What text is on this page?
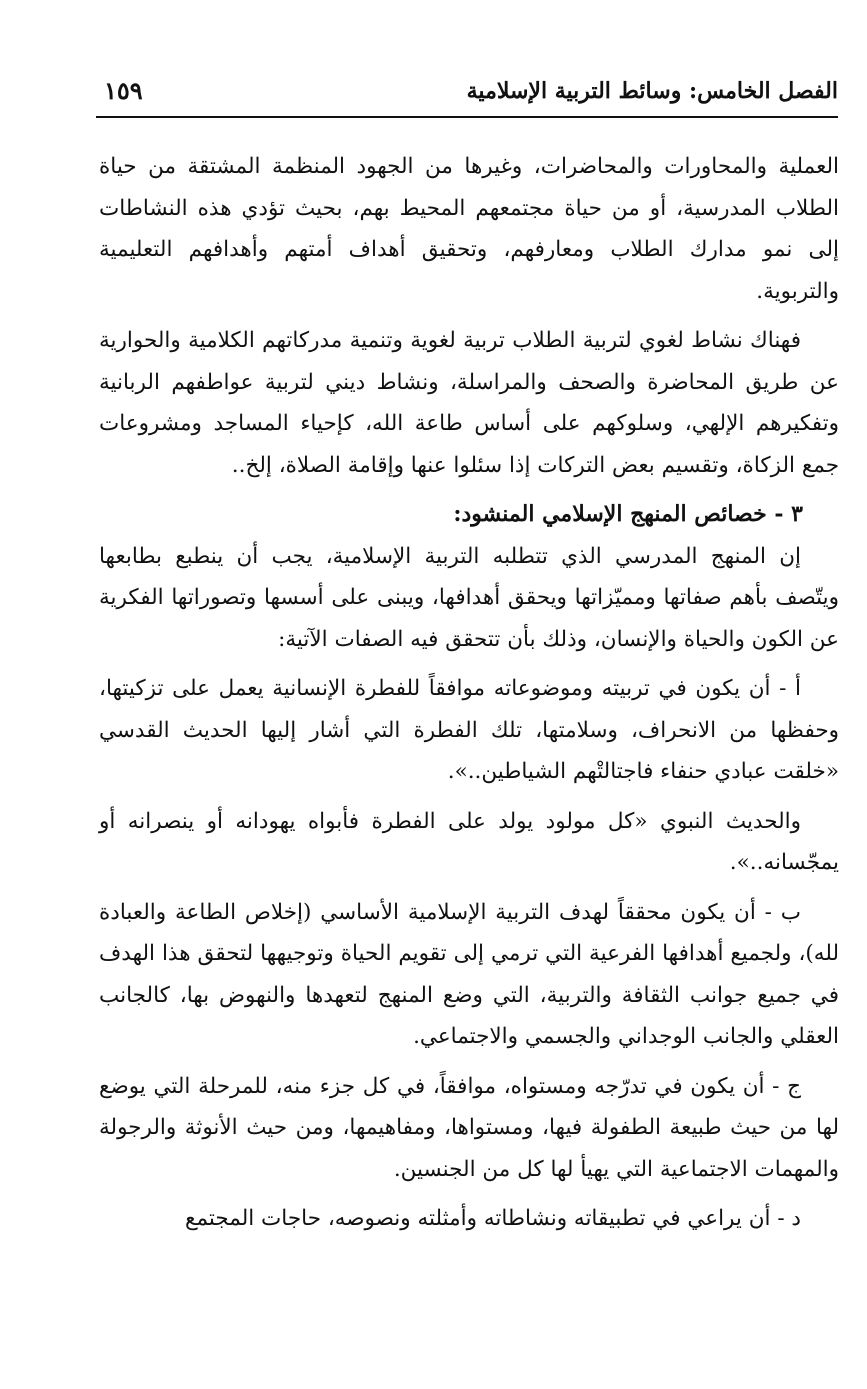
الفصل الخامس: وسائط التربية الإسلامية
١٥٩

العملية والمحاورات والمحاضرات، وغيرها من الجهود المنظمة المشتقة من حياة الطلاب المدرسية، أو من حياة مجتمعهم المحيط بهم، بحيث تؤدي هذه النشاطات إلى نمو مدارك الطلاب ومعارفهم، وتحقيق أهداف أمتهم وأهدافهم التعليمية والتربوية.

فهناك نشاط لغوي لتربية الطلاب تربية لغوية وتنمية مدركاتهم الكلامية والحوارية عن طريق المحاضرة والصحف والمراسلة، ونشاط ديني لتربية عواطفهم الربانية وتفكيرهم الإلهي، وسلوكهم على أساس طاعة الله، كإحياء المساجد ومشروعات جمع الزكاة، وتقسيم بعض التركات إذا سئلوا عنها وإقامة الصلاة، إلخ..

٣ - خصائص المنهج الإسلامي المنشود:

إن المنهج المدرسي الذي تتطلبه التربية الإسلامية، يجب أن ينطبع بطابعها ويتّصف بأهم صفاتها ومميّزاتها ويحقق أهدافها، ويبنى على أسسها وتصوراتها الفكرية عن الكون والحياة والإنسان، وذلك بأن تتحقق فيه الصفات الآتية:

أ - أن يكون في تربيته وموضوعاته موافقاً للفطرة الإنسانية يعمل على تزكيتها، وحفظها من الانحراف، وسلامتها، تلك الفطرة التي أشار إليها الحديث القدسي «خلقت عبادي حنفاء فاجتالتْهم الشياطين..».

والحديث النبوي «كل مولود يولد على الفطرة فأبواه يهودانه أو ينصرانه أو يمجّسانه..».

ب - أن يكون محققاً لهدف التربية الإسلامية الأساسي (إخلاص الطاعة والعبادة لله)، ولجميع أهدافها الفرعية التي ترمي إلى تقويم الحياة وتوجيهها لتحقق هذا الهدف في جميع جوانب الثقافة والتربية، التي وضع المنهج لتعهدها والنهوض بها، كالجانب العقلي والجانب الوجداني والجسمي والاجتماعي.

ج - أن يكون في تدرّجه ومستواه، موافقاً، في كل جزء منه، للمرحلة التي يوضع لها من حيث طبيعة الطفولة فيها، ومستواها، ومفاهيمها، ومن حيث الأنوثة والرجولة والمهمات الاجتماعية التي يهيأ لها كل من الجنسين.

د - أن يراعي في تطبيقاته ونشاطاته وأمثلته ونصوصه، حاجات المجتمع
